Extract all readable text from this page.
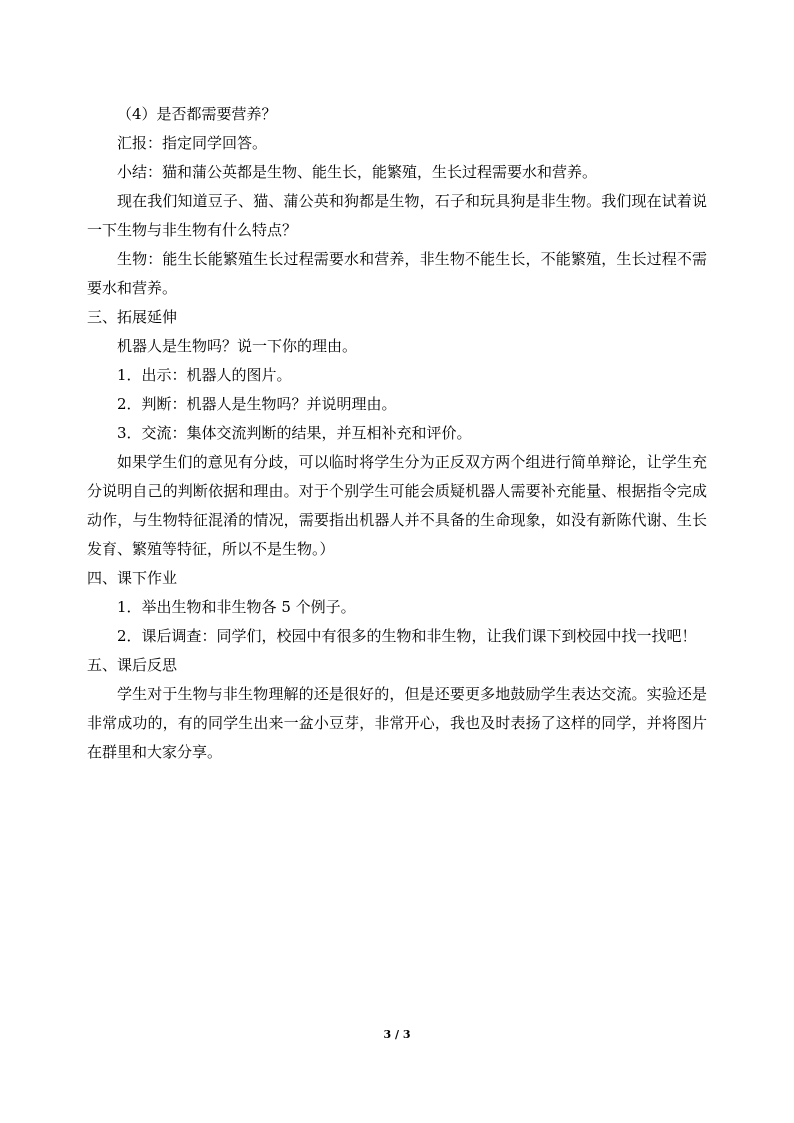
（4）是否都需要营养？

汇报：指定同学回答。

小结：猫和蒲公英都是生物、能生长，能繁殖，生长过程需要水和营养。

现在我们知道豆子、猫、蒲公英和狗都是生物，石子和玩具狗是非生物。我们现在试着说一下生物与非生物有什么特点？

生物：能生长能繁殖生长过程需要水和营养，非生物不能生长，不能繁殖，生长过程不需要水和营养。

三、拓展延伸

机器人是生物吗？说一下你的理由。

1．出示：机器人的图片。

2．判断：机器人是生物吗？并说明理由。

3．交流：集体交流判断的结果，并互相补充和评价。

如果学生们的意见有分歧，可以临时将学生分为正反双方两个组进行简单辩论，让学生充分说明自己的判断依据和理由。对于个别学生可能会质疑机器人需要补充能量、根据指令完成动作，与生物特征混淆的情况，需要指出机器人并不具备的生命现象，如没有新陈代谢、生长发育、繁殖等特征，所以不是生物。）

四、课下作业

1．举出生物和非生物各 5 个例子。

2．课后调查：同学们，校园中有很多的生物和非生物，让我们课下到校园中找一找吧！

五、课后反思

学生对于生物与非生物理解的还是很好的，但是还要更多地鼓励学生表达交流。实验还是非常成功的，有的同学生出来一盆小豆芽，非常开心，我也及时表扬了这样的同学，并将图片在群里和大家分享。

3 / 3
